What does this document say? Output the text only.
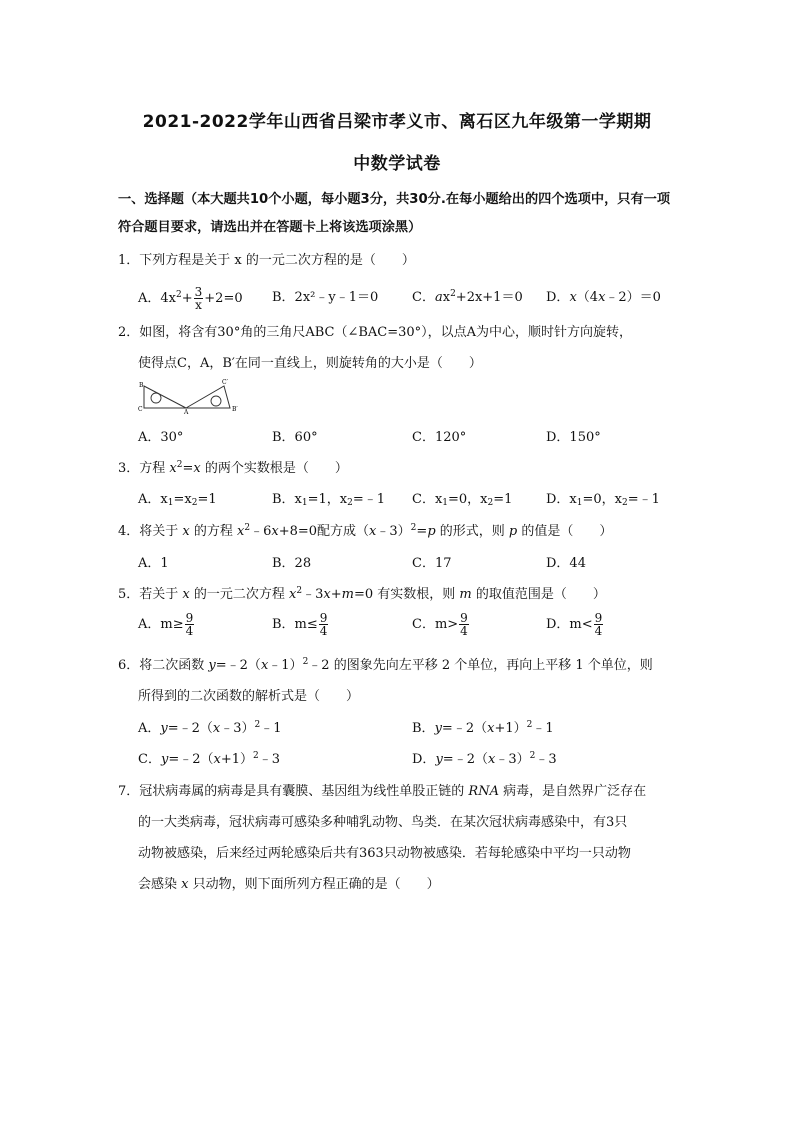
2021-2022学年山西省吕梁市孝义市、离石区九年级第一学期期
中数学试卷
一、选择题（本大题共10个小题，每小题3分，共30分.在每小题给出的四个选项中，只有一项符合题目要求，请选出并在答题卡上将该选项涂黑）
1．下列方程是关于 x 的一元二次方程的是（　　）
A．$4x^2+ \frac{3}{x} +2=0$ B．2x²﹣y﹣1＝0	C．$ax^2+2x+1=0$ D．x（4x﹣2）＝0
2．如图，将含有30°角的三角尺ABC（∠BAC=30°），以点A为中心，顺时针方向旋转，
使得点C，A，B′在同一直线上，则旋转角的大小是（　　）
B
C	A
C′
B′
A．30°	B．60°	C．120°	D．150°
3．方程 $x^2=x$ 的两个实数根是（　　）
A．$x_1=x_2=1$	B．$x_1=1$，$x_2=﹣1$ C．$x_1=0$，$x_2=1$	D．$x_1=0$，$x_2=﹣1$
4．将关于 x 的方程 $x^2﹣6x+8=0$配方成（x﹣3）$^2$=p 的形式，则 p 的值是（　　）
A．1	B．28	C．17	D．44
5．若关于 x 的一元二次方程 $x^2﹣3x+m=0$ 有实数根，则 m 的取值范围是（　　）
A．$m\ge \frac{9}{4}$	B．$m\le \frac{9}{4}$	C．$m> \frac{9}{4}$	D．$m< \frac{9}{4}$
6．将二次函数 y=﹣2（x﹣1）$^2$﹣2 的图象先向左平移 2 个单位，再向上平移 1 个单位，则
所得到的二次函数的解析式是（　　）
A．y=﹣2（x﹣3）$^2$﹣1	B．$y=﹣2(x+1)^2﹣1$
C．$y=﹣2(x+1)^2﹣3$	D．y=﹣2（x﹣3）$^2$﹣3
7．冠状病毒属的病毒是具有囊膜、基因组为线性单股正链的 RNA 病毒，是自然界广泛存在
的一大类病毒，冠状病毒可感染多种哺乳动物、鸟类．在某次冠状病毒感染中，有3只
动物被感染，后来经过两轮感染后共有363只动物被感染．若每轮感染中平均一只动物
会感染 x 只动物，则下面所列方程正确的是（　　）
